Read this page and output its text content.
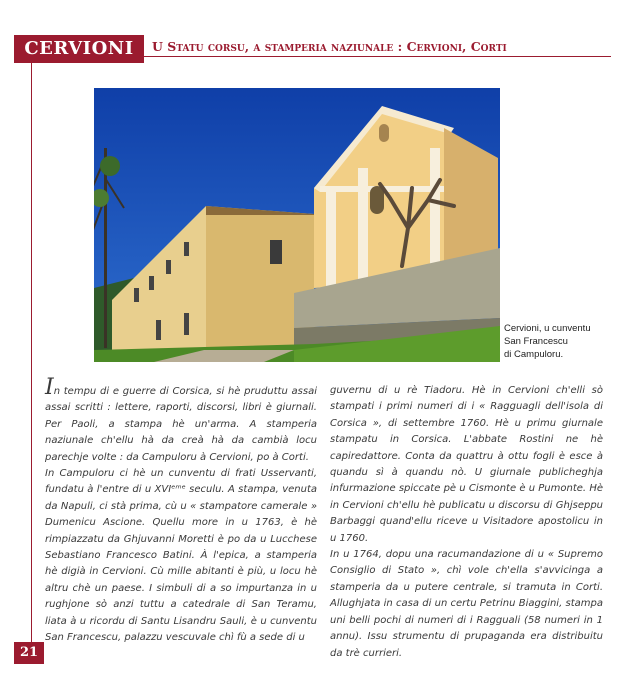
CERVIONI	U Statu corsu, a stamperia naziunale : Cervioni, Corti
Cervioni, u cunventu
San Francescu
di Campuloru.

In tempu di e guerre di Corsica, si hè pruduttu assai assai scritti : lettere, raporti, discorsi, libri è giurnali. Per Paoli, a stampa hè un'arma. A stamperia naziunale ch'ellu hà da creà hà da cambià locu parechje volte : da Campuloru à Cervioni, po à Corti.

In Campuloru ci hè un cunventu di frati Usservanti, fundatu à l'entre di u XVIᵉᵐᵉ seculu. A stampa, venuta da Napuli, ci stà prima, cù u « stampatore camerale » Dumenicu Ascione. Quellu more in u 1763, è hè rimpiazzatu da Ghjuvanni Moretti è po da u Lucchese Sebastiano Francesco Batini. À l'epica, a stamperia hè digià in Cervioni. Cù mille abitanti è più, u locu hè altru chè un paese. I simbuli di a so impurtanza in u rughjone sò anzi tuttu a catedrale di San Teramu, liata à u ricordu di Santu Lisandru Sauli, è u cunventu San Francescu, palazzu vescuvale chì fù a sede di u

guvernu di u rè Tiadoru. Hè in Cervioni ch'elli sò stampati i primi numeri di i « Ragguagli dell'isola di Corsica », di settembre 1760. Hè u primu giurnale stampatu in Corsica. L'abbate Rostini ne hè capiredattore. Conta da quattru à ottu fogli è esce à quandu sì à quandu nò. U giurnale publicheghja infurmazione spiccate pè u Cismonte è u Pumonte. Hè in Cervioni ch'ellu hè publicatu u discorsu di Ghjseppu Barbaggi quand'ellu riceve u Visitadore apostolicu in u 1760.

In u 1764, dopu una racumandazione di u « Supremo Consiglio di Stato », chì vole ch'ella s'avvicinga a stamperia da u putere centrale, si tramuta in Corti. Allughjata in casa di un certu Petrinu Biaggini, stampa uni belli pochi di numeri di i Ragguali (58 numeri in 1 annu). Issu strumentu di prupaganda era distribuitu da trè currieri.

21
